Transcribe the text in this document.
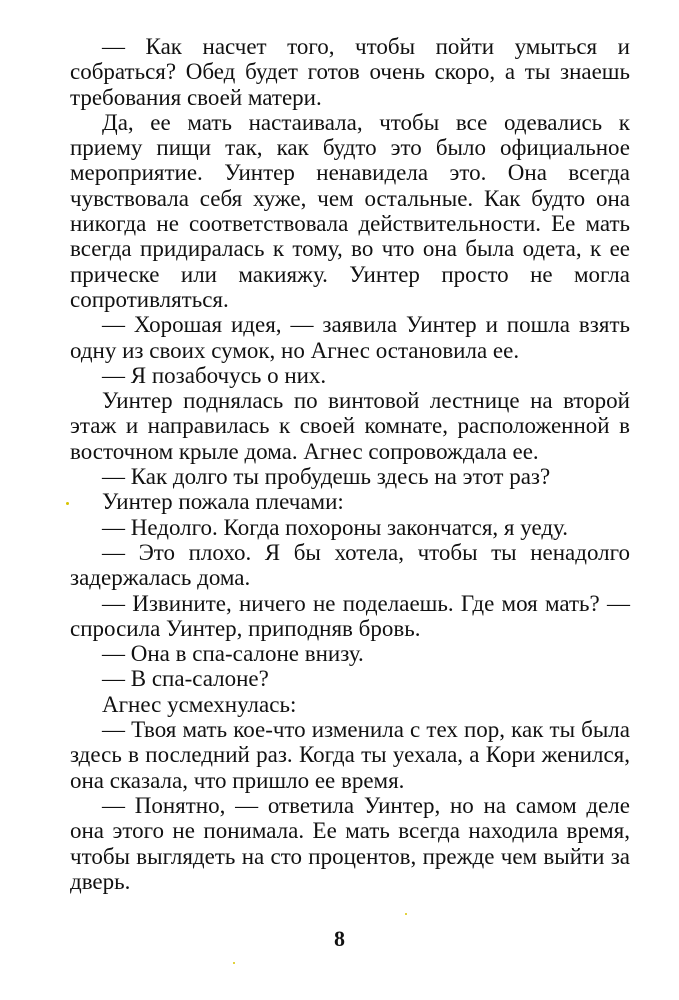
— Как насчет того, чтобы пойти умыться и собраться? Обед будет готов очень скоро, а ты знаешь требования своей матери.

Да, ее мать настаивала, чтобы все одевались к приему пищи так, как будто это было официальное мероприятие. Уинтер ненавидела это. Она всегда чувствовала себя хуже, чем остальные. Как будто она никогда не соответствовала действительности. Ее мать всегда придиралась к тому, во что она была одета, к ее прическе или макияжу. Уинтер просто не могла сопротивляться.

— Хорошая идея, — заявила Уинтер и пошла взять одну из своих сумок, но Агнес остановила ее.

— Я позабочусь о них.

Уинтер поднялась по винтовой лестнице на второй этаж и направилась к своей комнате, расположенной в восточном крыле дома. Агнес сопровождала ее.

— Как долго ты пробудешь здесь на этот раз?

Уинтер пожала плечами:

— Недолго. Когда похороны закончатся, я уеду.

— Это плохо. Я бы хотела, чтобы ты ненадолго задержалась дома.

— Извините, ничего не поделаешь. Где моя мать? — спросила Уинтер, приподняв бровь.

— Она в спа-салоне внизу.

— В спа-салоне?

Агнес усмехнулась:

— Твоя мать кое-что изменила с тех пор, как ты была здесь в последний раз. Когда ты уехала, а Кори женился, она сказала, что пришло ее время.

— Понятно, — ответила Уинтер, но на самом деле она этого не понимала. Ее мать всегда находила время, чтобы выглядеть на сто процентов, прежде чем выйти за дверь.

8
